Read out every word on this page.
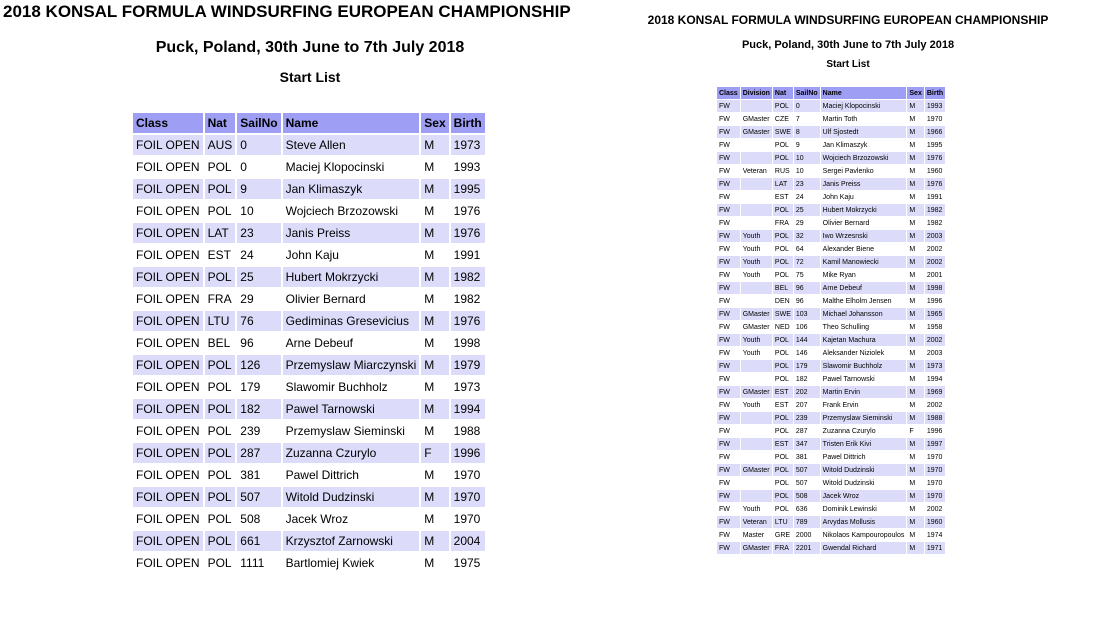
2018 KONSAL FORMULA WINDSURFING EUROPEAN CHAMPIONSHIP
Puck, Poland, 30th June to 7th July 2018
Start List
Class	Nat	SailNo	Name	Sex	Birth
FOIL OPEN	AUS	0	Steve Allen	M	1973
FOIL OPEN	POL	0	Maciej Klopocinski	M	1993
FOIL OPEN	POL	9	Jan Klimaszyk	M	1995
FOIL OPEN	POL	10	Wojciech Brzozowski	M	1976
FOIL OPEN	LAT	23	Janis Preiss	M	1976
FOIL OPEN	EST	24	John Kaju	M	1991
FOIL OPEN	POL	25	Hubert Mokrzycki	M	1982
FOIL OPEN	FRA	29	Olivier Bernard	M	1982
FOIL OPEN	LTU	76	Gediminas Gresevicius	M	1976
FOIL OPEN	BEL	96	Arne Debeuf	M	1998
FOIL OPEN	POL	126	Przemyslaw Miarczynski	M	1979
FOIL OPEN	POL	179	Slawomir Buchholz	M	1973
FOIL OPEN	POL	182	Pawel Tarnowski	M	1994
FOIL OPEN	POL	239	Przemyslaw Sieminski	M	1988
FOIL OPEN	POL	287	Zuzanna Czurylo	F	1996
FOIL OPEN	POL	381	Pawel Dittrich	M	1970
FOIL OPEN	POL	507	Witold Dudzinski	M	1970
FOIL OPEN	POL	508	Jacek Wroz	M	1970
FOIL OPEN	POL	661	Krzysztof Zarnowski	M	2004
FOIL OPEN	POL	1111	Bartlomiej Kwiek	M	1975
2018 KONSAL FORMULA WINDSURFING EUROPEAN CHAMPIONSHIP
Puck, Poland, 30th June to 7th July 2018
Start List
Class	Division	Nat	SailNo	Name	Sex	Birth
FW		POL	0	Maciej Klopocinski	M	1993
FW	GMaster	CZE	7	Martin Toth	M	1970
FW	GMaster	SWE	8	Ulf Sjostedt	M	1966
FW		POL	9	Jan Klimaszyk	M	1995
FW		POL	10	Wojciech Brzozowski	M	1976
FW	Veteran	RUS	10	Sergei Pavlenko	M	1960
FW		LAT	23	Janis Preiss	M	1976
FW		EST	24	John Kaju	M	1991
FW		POL	25	Hubert Mokrzycki	M	1982
FW		FRA	29	Olivier Bernard	M	1982
FW	Youth	POL	32	Iwo Wrzesnski	M	2003
FW	Youth	POL	64	Alexander Biene	M	2002
FW	Youth	POL	72	Kamil Manowiecki	M	2002
FW	Youth	POL	75	Mike Ryan	M	2001
FW		BEL	96	Arne Debeuf	M	1998
FW		DEN	96	Malthe Elholm Jensen	M	1996
FW	GMaster	SWE	103	Michael Johansson	M	1965
FW	GMaster	NED	106	Theo Schulling	M	1958
FW	Youth	POL	144	Kajetan Machura	M	2002
FW	Youth	POL	146	Aleksander Niziolek	M	2003
FW		POL	179	Slawomir Buchholz	M	1973
FW		POL	182	Pawel Tarnowski	M	1994
FW	GMaster	EST	202	Martin Ervin	M	1969
FW	Youth	EST	207	Frank Ervin	M	2002
FW		POL	239	Przemyslaw Sieminski	M	1988
FW		POL	287	Zuzanna Czurylo	F	1996
FW		EST	347	Tristen Erik Kivi	M	1997
FW		POL	381	Pawel Dittrich	M	1970
FW	GMaster	POL	507	Witold Dudzinski	M	1970
FW		POL	507	Witold Dudzinski	M	1970
FW		POL	508	Jacek Wroz	M	1970
FW	Youth	POL	636	Dominik Lewinski	M	2002
FW	Veteran	LTU	789	Arvydas Mollusis	M	1960
FW	Master	GRE	2000	Nikolaos Kampouropoulos	M	1974
FW	GMaster	FRA	2201	Gwendal Richard	M	1971
